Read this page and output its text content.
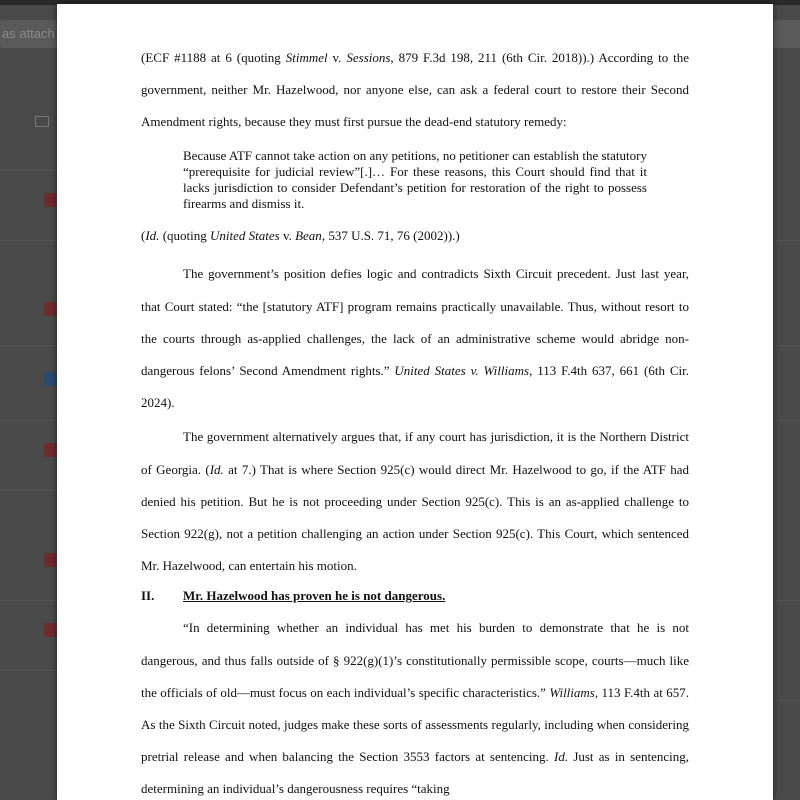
as attach

(ECF #1188 at 6 (quoting Stimmel v. Sessions, 879 F.3d 198, 211 (6th Cir. 2018)).) According to the government, neither Mr. Hazelwood, nor anyone else, can ask a federal court to restore their Second Amendment rights, because they must first pursue the dead-end statutory remedy:

Because ATF cannot take action on any petitions, no petitioner can establish the statutory “prerequisite for judicial review”[.]… For these reasons, this Court should find that it lacks jurisdiction to consider Defendant’s petition for restoration of the right to possess firearms and dismiss it.

(Id. (quoting United States v. Bean, 537 U.S. 71, 76 (2002)).)

The government’s position defies logic and contradicts Sixth Circuit precedent. Just last year, that Court stated: “the [statutory ATF] program remains practically unavailable. Thus, without resort to the courts through as-applied challenges, the lack of an administrative scheme would abridge non-dangerous felons’ Second Amendment rights.” United States v. Williams, 113 F.4th 637, 661 (6th Cir. 2024).

The government alternatively argues that, if any court has jurisdiction, it is the Northern District of Georgia. (Id. at 7.) That is where Section 925(c) would direct Mr. Hazelwood to go, if the ATF had denied his petition. But he is not proceeding under Section 925(c). This is an as-applied challenge to Section 922(g), not a petition challenging an action under Section 925(c). This Court, which sentenced Mr. Hazelwood, can entertain his motion.

II. Mr. Hazelwood has proven he is not dangerous.

“In determining whether an individual has met his burden to demonstrate that he is not dangerous, and thus falls outside of § 922(g)(1)’s constitutionally permissible scope, courts—much like the officials of old—must focus on each individual’s specific characteristics.” Williams, 113 F.4th at 657. As the Sixth Circuit noted, judges make these sorts of assessments regularly, including when considering pretrial release and when balancing the Section 3553 factors at sentencing. Id. Just as in sentencing, determining an individual’s dangerousness requires “taking
